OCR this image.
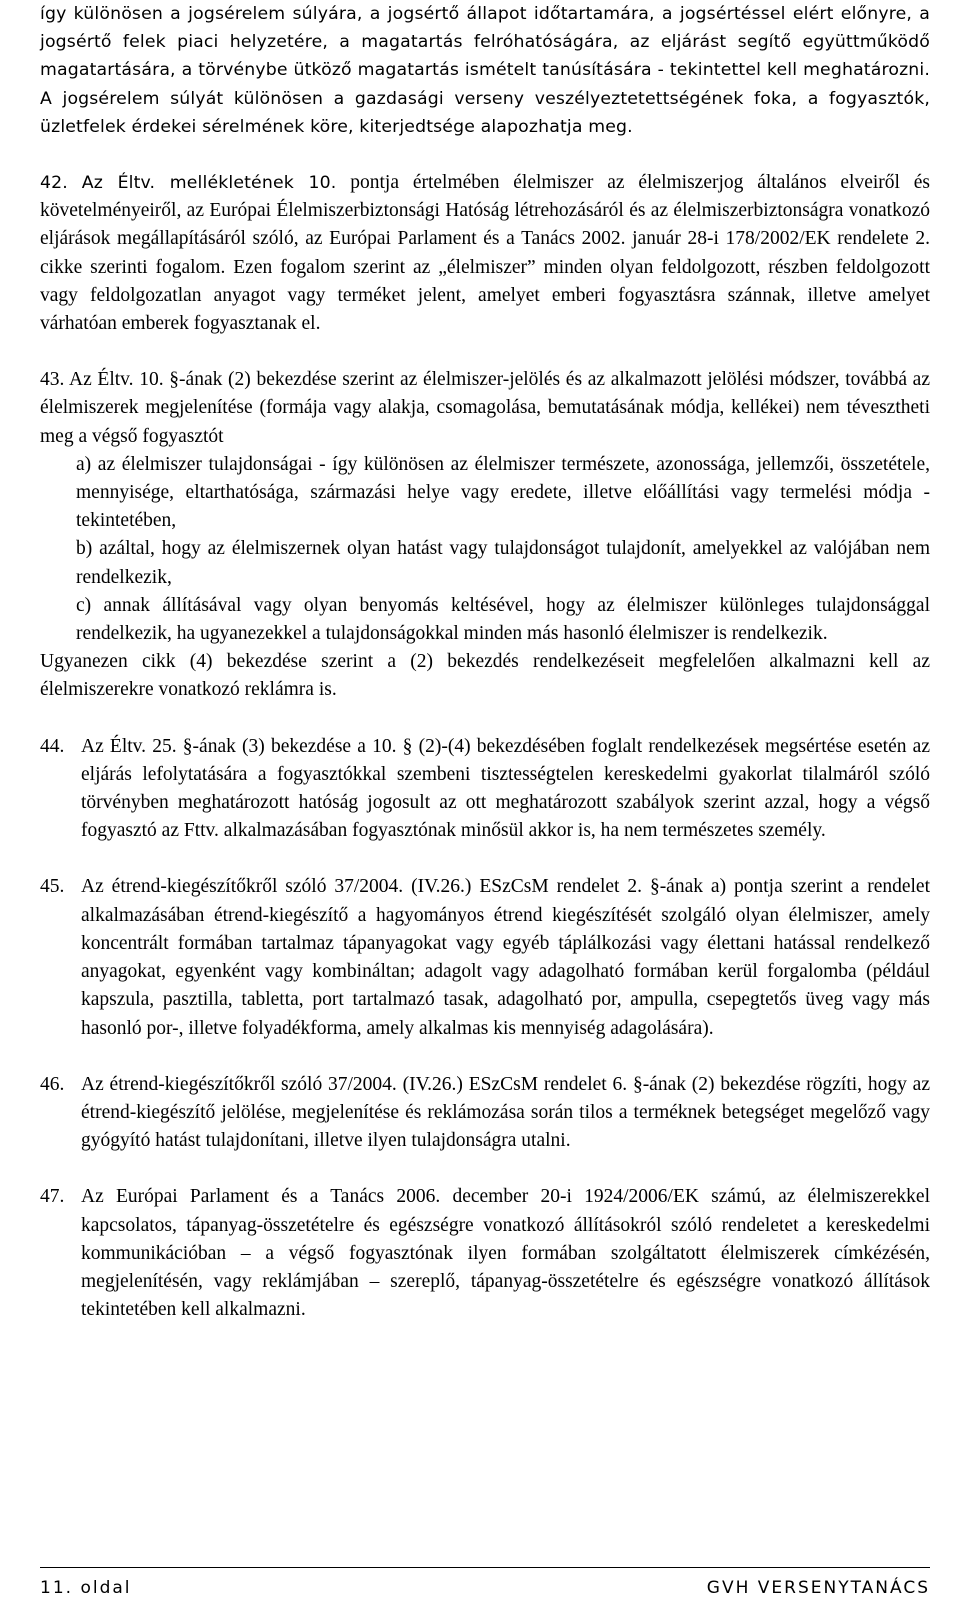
így különösen a jogsérelem súlyára, a jogsértő állapot időtartamára, a jogsértéssel elért előnyre, a jogsértő felek piaci helyzetére, a magatartás felróhatóságára, az eljárást segítő együttműködő magatartására, a törvénybe ütköző magatartás ismételt tanúsítására - tekintettel kell meghatározni. A jogsérelem súlyát különösen a gazdasági verseny veszélyeztetettségének foka, a fogyasztók, üzletfelek érdekei sérelmének köre, kiterjedtsége alapozhatja meg.

42. Az Éltv. mellékletének 10. pontja értelmében élelmiszer az élelmiszerjog általános elveiről és követelményeiről, az Európai Élelmiszerbiztonsági Hatóság létrehozásáról és az élelmiszerbiztonságra vonatkozó eljárások megállapításáról szóló, az Európai Parlament és a Tanács 2002. január 28-i 178/2002/EK rendelete 2. cikke szerinti fogalom. Ezen fogalom szerint az „élelmiszer” minden olyan feldolgozott, részben feldolgozott vagy feldolgozatlan anyagot vagy terméket jelent, amelyet emberi fogyasztásra szánnak, illetve amelyet várhatóan emberek fogyasztanak el.

43. Az Éltv. 10. §-ának (2) bekezdése szerint az élelmiszer-jelölés és az alkalmazott jelölési módszer, továbbá az élelmiszerek megjelenítése (formája vagy alakja, csomagolása, bemutatásának módja, kellékei) nem tévesztheti meg a végső fogyasztót

a) az élelmiszer tulajdonságai - így különösen az élelmiszer természete, azonossága, jellemzői, összetétele, mennyisége, eltarthatósága, származási helye vagy eredete, illetve előállítási vagy termelési módja - tekintetében,

b) azáltal, hogy az élelmiszernek olyan hatást vagy tulajdonságot tulajdonít, amelyekkel az valójában nem rendelkezik,

c) annak állításával vagy olyan benyomás keltésével, hogy az élelmiszer különleges tulajdonsággal rendelkezik, ha ugyanezekkel a tulajdonságokkal minden más hasonló élelmiszer is rendelkezik.

Ugyanezen cikk (4) bekezdése szerint a (2) bekezdés rendelkezéseit megfelelően alkalmazni kell az élelmiszerekre vonatkozó reklámra is.

44. Az Éltv. 25. §-ának (3) bekezdése a 10. § (2)-(4) bekezdésében foglalt rendelkezések megsértése esetén az eljárás lefolytatására a fogyasztókkal szembeni tisztességtelen kereskedelmi gyakorlat tilalmáról szóló törvényben meghatározott hatóság jogosult az ott meghatározott szabályok szerint azzal, hogy a végső fogyasztó az Fttv. alkalmazásában fogyasztónak minősül akkor is, ha nem természetes személy.

45. Az étrend-kiegészítőkről szóló 37/2004. (IV.26.) ESzCsM rendelet 2. §-ának a) pontja szerint a rendelet alkalmazásában étrend-kiegészítő a hagyományos étrend kiegészítését szolgáló olyan élelmiszer, amely koncentrált formában tartalmaz tápanyagokat vagy egyéb táplálkozási vagy élettani hatással rendelkező anyagokat, egyenként vagy kombináltan; adagolt vagy adagolható formában kerül forgalomba (például kapszula, pasztilla, tabletta, port tartalmazó tasak, adagolható por, ampulla, csepegtetős üveg vagy más hasonló por-, illetve folyadékforma, amely alkalmas kis mennyiség adagolására).

46. Az étrend-kiegészítőkről szóló 37/2004. (IV.26.) ESzCsM rendelet 6. §-ának (2) bekezdése rögzíti, hogy az étrend-kiegészítő jelölése, megjelenítése és reklámozása során tilos a terméknek betegséget megelőző vagy gyógyító hatást tulajdonítani, illetve ilyen tulajdonságra utalni.

47. Az Európai Parlament és a Tanács 2006. december 20-i 1924/2006/EK számú, az élelmiszerekkel kapcsolatos, tápanyag-összetételre és egészségre vonatkozó állításokról szóló rendeletet a kereskedelmi kommunikációban – a végső fogyasztónak ilyen formában szolgáltatott élelmiszerek címkézésén, megjelenítésén, vagy reklámjában – szereplő, tápanyag-összetételre és egészségre vonatkozó állítások tekintetében kell alkalmazni.

11. oldal	GVH VERSENYTANÁCS
